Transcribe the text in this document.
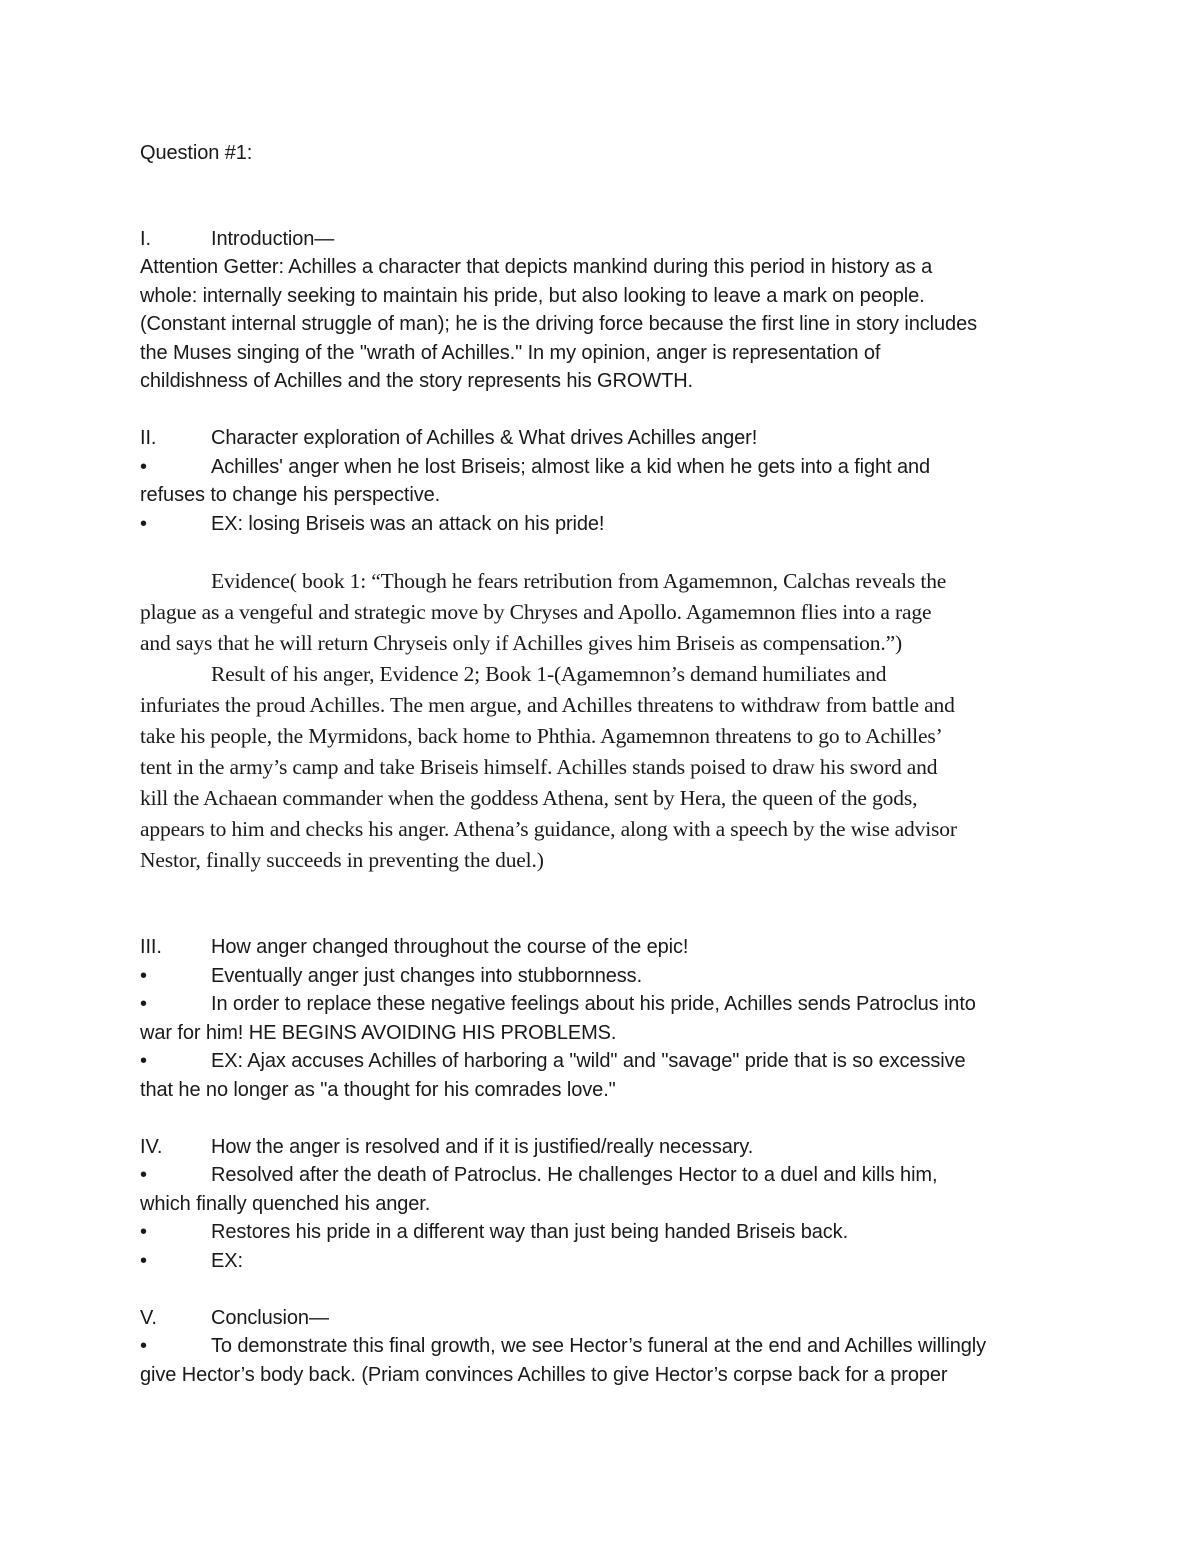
Question #1:
I.	Introduction—
Attention Getter: Achilles a character that depicts mankind during this period in history as a
whole: internally seeking to maintain his pride, but also looking to leave a mark on people.
(Constant internal struggle of man); he is the driving force because the first line in story includes
the Muses singing of the "wrath of Achilles." In my opinion, anger is representation of
childishness of Achilles and the story represents his GROWTH.
II.	Character exploration of Achilles & What drives Achilles anger!
•	Achilles' anger when he lost Briseis; almost like a kid when he gets into a fight and
refuses to change his perspective.
•	EX: losing Briseis was an attack on his pride!
Evidence( book 1: “Though he fears retribution from Agamemnon, Calchas reveals the
plague as a vengeful and strategic move by Chryses and Apollo. Agamemnon flies into a rage
and says that he will return Chryseis only if Achilles gives him Briseis as compensation.”)
Result of his anger, Evidence 2; Book 1-(Agamemnon’s demand humiliates and
infuriates the proud Achilles. The men argue, and Achilles threatens to withdraw from battle and
take his people, the Myrmidons, back home to Phthia. Agamemnon threatens to go to Achilles’
tent in the army’s camp and take Briseis himself. Achilles stands poised to draw his sword and
kill the Achaean commander when the goddess Athena, sent by Hera, the queen of the gods,
appears to him and checks his anger. Athena’s guidance, along with a speech by the wise advisor
Nestor, finally succeeds in preventing the duel.)
III.	How anger changed throughout the course of the epic!
•	Eventually anger just changes into stubbornness.
•	In order to replace these negative feelings about his pride, Achilles sends Patroclus into
war for him! HE BEGINS AVOIDING HIS PROBLEMS.
•	EX: Ajax accuses Achilles of harboring a "wild" and "savage" pride that is so excessive
that he no longer as "a thought for his comrades love."
IV.	How the anger is resolved and if it is justified/really necessary.
•	Resolved after the death of Patroclus. He challenges Hector to a duel and kills him,
which finally quenched his anger.
•	Restores his pride in a different way than just being handed Briseis back.
•	EX:
V.	Conclusion—
•	To demonstrate this final growth, we see Hector’s funeral at the end and Achilles willingly
give Hector’s body back. (Priam convinces Achilles to give Hector’s corpse back for a proper
